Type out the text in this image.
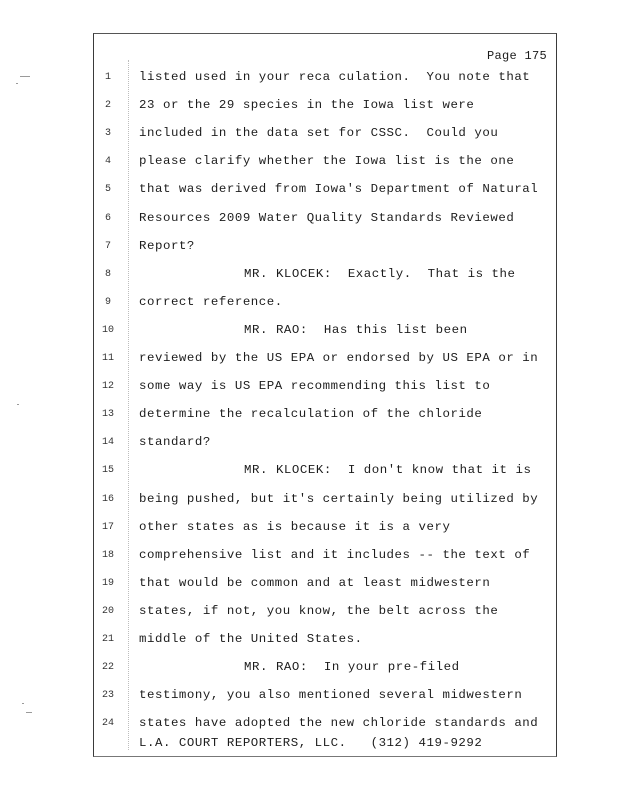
Page 175
1	listed used in your reca culation.  You note that
2	23 or the 29 species in the Iowa list were
3	included in the data set for CSSC.  Could you
4	please clarify whether the Iowa list is the one
5	that was derived from Iowa's Department of Natural
6	Resources 2009 Water Quality Standards Reviewed
7	Report?
8	MR. KLOCEK:  Exactly.  That is the
9	correct reference.
10	MR. RAO:  Has this list been
11 reviewed by the US EPA or endorsed by US EPA or in
12 some way is US EPA recommending this list to
13 determine the recalculation of the chloride
14 standard?
15	MR. KLOCEK:  I don't know that it is
16 being pushed, but it's certainly being utilized by
17 other states as is because it is a very
18 comprehensive list and it includes -- the text of
19 that would be common and at least midwestern
20 states, if not, you know, the belt across the
21 middle of the United States.
22	MR. RAO:  In your pre-filed
23 testimony, you also mentioned several midwestern
24 states have adopted the new chloride standards and
L.A. COURT REPORTERS, LLC.   (312) 419-9292
